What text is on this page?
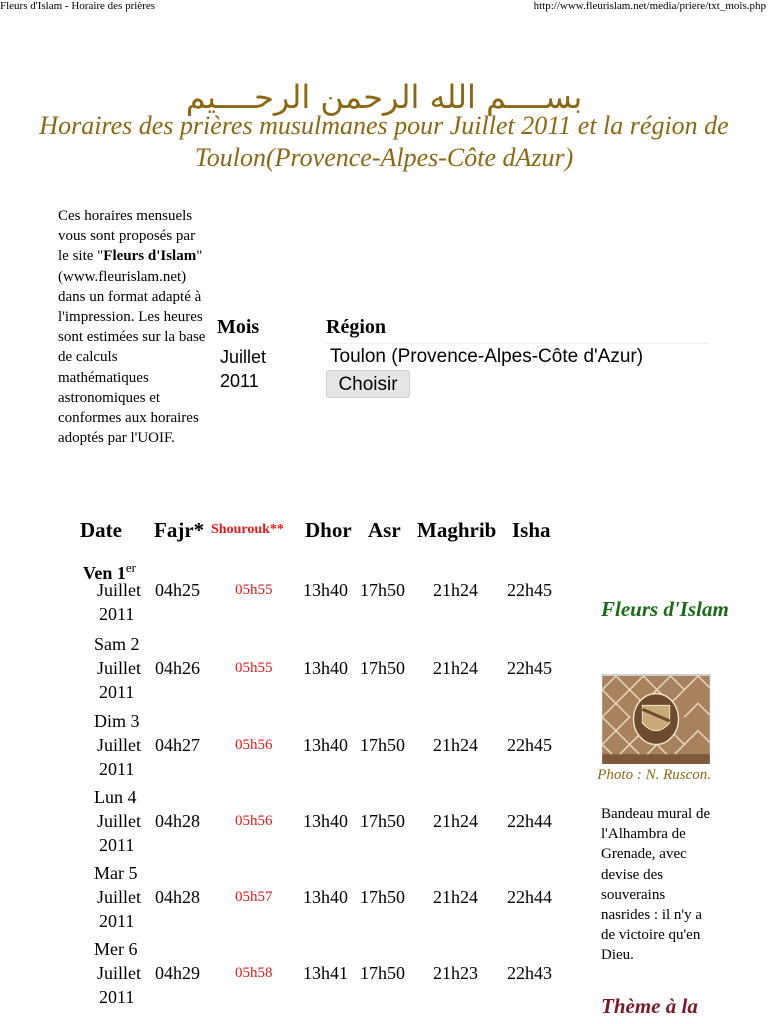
Fleurs d'Islam - Horaire des prières	http://www.fleurislam.net/media/priere/txt_mois.php
بســــم الله الرحمن الرحــــيم
Horaires des prières musulmanes pour Juillet 2011 et la région de Toulon(Provence-Alpes-Côte dAzur)
Ces horaires mensuels vous sont proposés par le site "Fleurs d'Islam" (www.fleurislam.net) dans un format adapté à l'impression. Les heures sont estimées sur la base de calculs mathématiques astronomiques et conformes aux horaires adoptés par l'UOIF.
Mois	Région
Juillet
2011
Toulon (Provence-Alpes-Côte d'Azur)
Choisir
Date Fajr* Shourouk** Dhor Asr Maghrib Isha
Ven 1er
Juillet
2011
04h25 05h55 13h40 17h50 21h24 22h45
Sam 2
Juillet
2011
04h26 05h55 13h40 17h50 21h24 22h45
Dim 3
Juillet
2011
04h27 05h56 13h40 17h50 21h24 22h45
Lun 4
Juillet
2011
04h28 05h56 13h40 17h50 21h24 22h44
Mar 5
Juillet
2011
04h28 05h57 13h40 17h50 21h24 22h44
Mer 6
Juillet
2011
04h29 05h58 13h41 17h50 21h23 22h43
Fleurs d'Islam
Photo : N. Ruscon.
Bandeau mural de l'Alhambra de Grenade, avec devise des souverains nasrides : il n'y a de victoire qu'en Dieu.
Thème à la
